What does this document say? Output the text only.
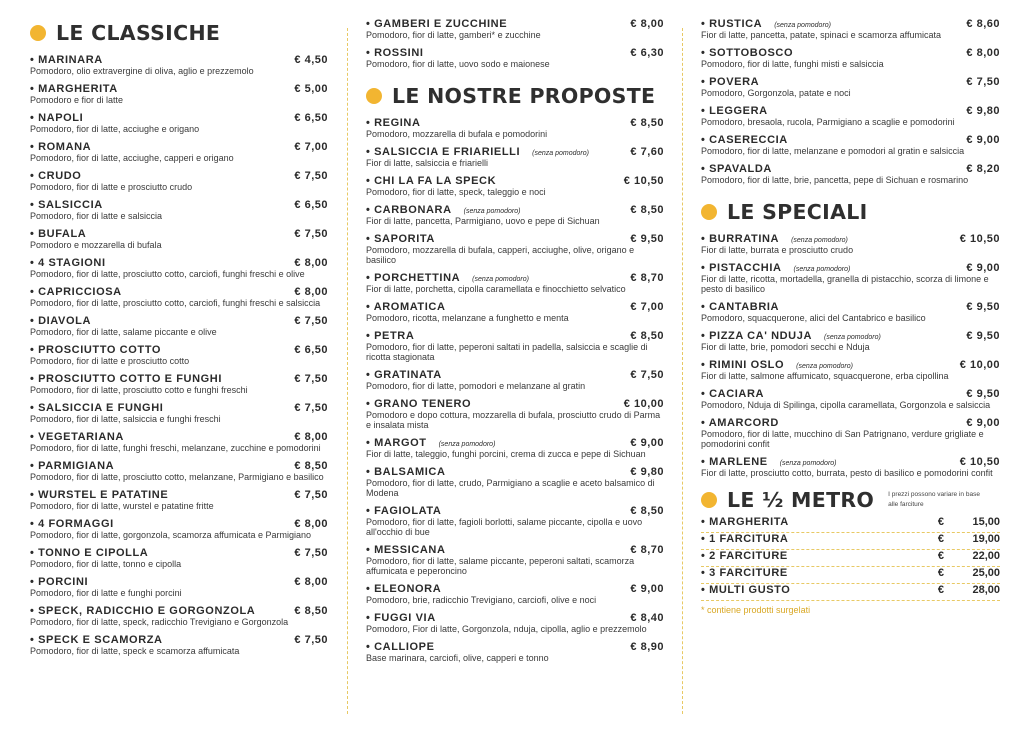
LE CLASSICHE
• MARINARA	€ 4,50
Pomodoro, olio extravergine di oliva, aglio e prezzemolo
• MARGHERITA	€ 5,00
Pomodoro e fior di latte
• NAPOLI	€ 6,50
Pomodoro, fior di latte, acciughe e origano
• ROMANA	€ 7,00
Pomodoro, fior di latte, acciughe, capperi e origano
• CRUDO	€ 7,50
Pomodoro, fior di latte e prosciutto crudo
• SALSICCIA	€ 6,50
Pomodoro, fior di latte e salsiccia
• BUFALA	€ 7,50
Pomodoro e mozzarella di bufala
• 4 STAGIONI	€ 8,00
Pomodoro, fior di latte, prosciutto cotto, carciofi, funghi freschi e olive
• CAPRICCIOSA	€ 8,00
Pomodoro, fior di latte, prosciutto cotto, carciofi, funghi freschi e salsiccia
• DIAVOLA	€ 7,50
Pomodoro, fior di latte, salame piccante e olive
• PROSCIUTTO COTTO	€ 6,50
Pomodoro, fior di latte e prosciutto cotto
• PROSCIUTTO COTTO E FUNGHI	€ 7,50
Pomodoro, fior di latte, prosciutto cotto e funghi freschi
• SALSICCIA E FUNGHI	€ 7,50
Pomodoro, fior di latte, salsiccia e funghi freschi
• VEGETARIANA	€ 8,00
Pomodoro, fior di latte, funghi freschi, melanzane, zucchine e pomodorini
• PARMIGIANA	€ 8,50
Pomodoro, fior di latte, prosciutto cotto, melanzane, Parmigiano e basilico
• WURSTEL E PATATINE	€ 7,50
Pomodoro, fior di latte, wurstel e patatine fritte
• 4 FORMAGGI	€ 8,00
Pomodoro, fior di latte, gorgonzola, scamorza affumicata e Parmigiano
• TONNO E CIPOLLA	€ 7,50
Pomodoro, fior di latte, tonno e cipolla
• PORCINI	€ 8,00
Pomodoro, fior di latte e funghi porcini
• SPECK, RADICCHIO E GORGONZOLA	€ 8,50
Pomodoro, fior di latte, speck, radicchio Trevigiano e Gorgonzola
• SPECK E SCAMORZA	€ 7,50
Pomodoro, fior di latte, speck e scamorza affumicata
• GAMBERI E ZUCCHINE	€ 8,00
Pomodoro, fior di latte, gamberi* e zucchine
• ROSSINI	€ 6,30
Pomodoro, fior di latte, uovo sodo e maionese
LE NOSTRE PROPOSTE
• REGINA	€ 8,50
Pomodoro, mozzarella di bufala e pomodorini
• SALSICCIA E FRIARIELLI (senza pomodoro)	€ 7,60
Fior di latte, salsiccia e friarielli
• CHI LA FA LA SPECK	€ 10,50
Pomodoro, fior di latte, speck, taleggio e noci
• CARBONARA (senza pomodoro)	€ 8,50
Fior di latte, pancetta, Parmigiano, uovo e pepe di Sichuan
• SAPORITA	€ 9,50
Pomodoro, mozzarella di bufala, capperi, acciughe, olive, origano e basilico
• PORCHETTINA (senza pomodoro)	€ 8,70
Fior di latte, porchetta, cipolla caramellata e finocchietto selvatico
• AROMATICA	€ 7,00
Pomodoro, ricotta, melanzane a funghetto e menta
• PETRA	€ 8,50
Pomodoro, fior di latte, peperoni saltati in padella, salsiccia e scaglie di ricotta stagionata
• GRATINATA	€ 7,50
Pomodoro, fior di latte, pomodori e melanzane al gratin
• GRANO TENERO	€ 10,00
Pomodoro e dopo cottura, mozzarella di bufala, prosciutto crudo di Parma e insalata mista
• MARGOT (senza pomodoro)	€ 9,00
Fior di latte, taleggio, funghi porcini, crema di zucca e pepe di Sichuan
• BALSAMICA	€ 9,80
Pomodoro, fior di latte, crudo, Parmigiano a scaglie e aceto balsamico di Modena
• FAGIOLATA	€ 8,50
Pomodoro, fior di latte, fagioli borlotti, salame piccante, cipolla e uovo all'occhio di bue
• MESSICANA	€ 8,70
Pomodoro, fior di latte, salame piccante, peperoni saltati, scamorza affumicata e peperoncino
• ELEONORA	€ 9,00
Pomodoro, brie, radicchio Trevigiano, carciofi, olive e noci
• FUGGI VIA	€ 8,40
Pomodoro, Fior di latte, Gorgonzola, nduja, cipolla, aglio e prezzemolo
• CALLIOPE	€ 8,90
Base marinara, carciofi, olive, capperi e tonno
• RUSTICA (senza pomodoro)	€ 8,60
Fior di latte, pancetta, patate, spinaci e scamorza affumicata
• SOTTOBOSCO	€ 8,00
Pomodoro, fior di latte, funghi misti e salsiccia
• POVERA	€ 7,50
Pomodoro, Gorgonzola, patate e noci
• LEGGERA	€ 9,80
Pomodoro, bresaola, rucola, Parmigiano a scaglie e pomodorini
• CASERECCIA	€ 9,00
Pomodoro, fior di latte, melanzane e pomodori al gratin e salsiccia
• SPAVALDA	€ 8,20
Pomodoro, fior di latte, brie, pancetta, pepe di Sichuan e rosmarino
LE SPECIALI
• BURRATINA (senza pomodoro)	€ 10,50
Fior di latte, burrata e prosciutto crudo
• PISTACCHIA (senza pomodoro)	€ 9,00
Fior di latte, ricotta, mortadella, granella di pistacchio, scorza di limone e pesto di basilico
• CANTABRIA	€ 9,50
Pomodoro, squacquerone, alici del Cantabrico e basilico
• PIZZA CA' NDUJA (senza pomodoro)	€ 9,50
Fior di latte, brie, pomodori secchi e Nduja
• RIMINI OSLO (senza pomodoro)	€ 10,00
Fior di latte, salmone affumicato, squacquerone, erba cipollina
• CACIARA	€ 9,50
Pomodoro, Nduja di Spilinga, cipolla caramellata, Gorgonzola e salsiccia
• AMARCORD	€ 9,00
Pomodoro, fior di latte, mucchino di San Patrignano, verdure grigliate e pomodorini confit
• MARLENE (senza pomodoro)	€ 10,50
Fior di latte, prosciutto cotto, burrata, pesto di basilico e pomodorini confit
LE ½ METRO I prezzi possono variare in base alle farciture
• MARGHERITA	€	15,00
• 1 FARCITURA	€	19,00
• 2 FARCITURE	€	22,00
• 3 FARCITURE	€	25,00
• MULTI GUSTO	€	28,00
* contiene prodotti surgelati
